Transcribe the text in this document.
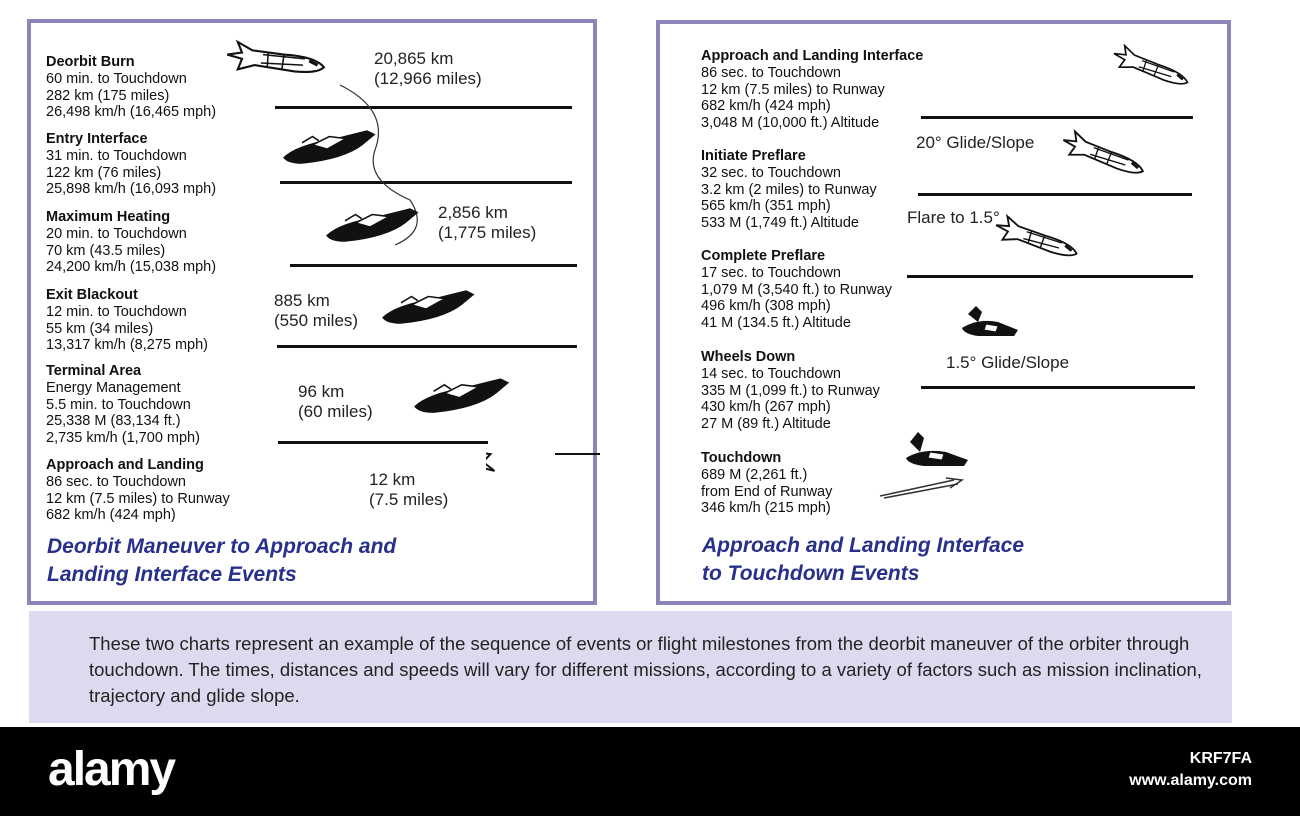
Deorbit Burn
60 min. to Touchdown
282 km (175 miles)
26,498 km/h (16,465 mph)
Entry Interface
31 min. to Touchdown
122 km (76 miles)
25,898 km/h (16,093 mph)
Maximum Heating
20 min. to Touchdown
70 km (43.5 miles)
24,200 km/h (15,038 mph)
Exit Blackout
12 min. to Touchdown
55 km (34 miles)
13,317 km/h (8,275 mph)
Terminal Area
Energy Management
5.5 min. to Touchdown
25,338 M (83,134 ft.)
2,735 km/h (1,700 mph)
Approach and Landing
86 sec. to Touchdown
12 km (7.5 miles) to Runway
682 km/h (424 mph)
20,865 km
(12,966 miles)
2,856 km
(1,775 miles)
885 km
(550 miles)
96 km
(60 miles)
12 km
(7.5 miles)
Deorbit Maneuver to Approach and
Landing Interface Events
Approach and Landing Interface
86 sec. to Touchdown
12 km (7.5 miles) to Runway
682 km/h (424 mph)
3,048 M (10,000 ft.) Altitude
Initiate Preflare
32 sec. to Touchdown
3.2 km (2 miles) to Runway
565 km/h (351 mph)
533 M (1,749 ft.) Altitude
Complete Preflare
17 sec. to Touchdown
1,079 M (3,540 ft.) to Runway
496 km/h (308 mph)
41 M (134.5 ft.) Altitude
Wheels Down
14 sec. to Touchdown
335 M (1,099 ft.) to Runway
430 km/h (267 mph)
27 M (89 ft.) Altitude
Touchdown
689 M (2,261 ft.)
from End of Runway
346 km/h (215 mph)
20° Glide/Slope
Flare to 1.5°
1.5° Glide/Slope
Approach and Landing Interface
to Touchdown Events

These two charts represent an example of the sequence of events or flight milestones from the deorbit maneuver of the orbiter through touchdown. The times, distances and speeds will vary for different missions, according to a variety of factors such as mission inclination, trajectory and glide slope.

alamy	KRF7FA
www.alamy.com
